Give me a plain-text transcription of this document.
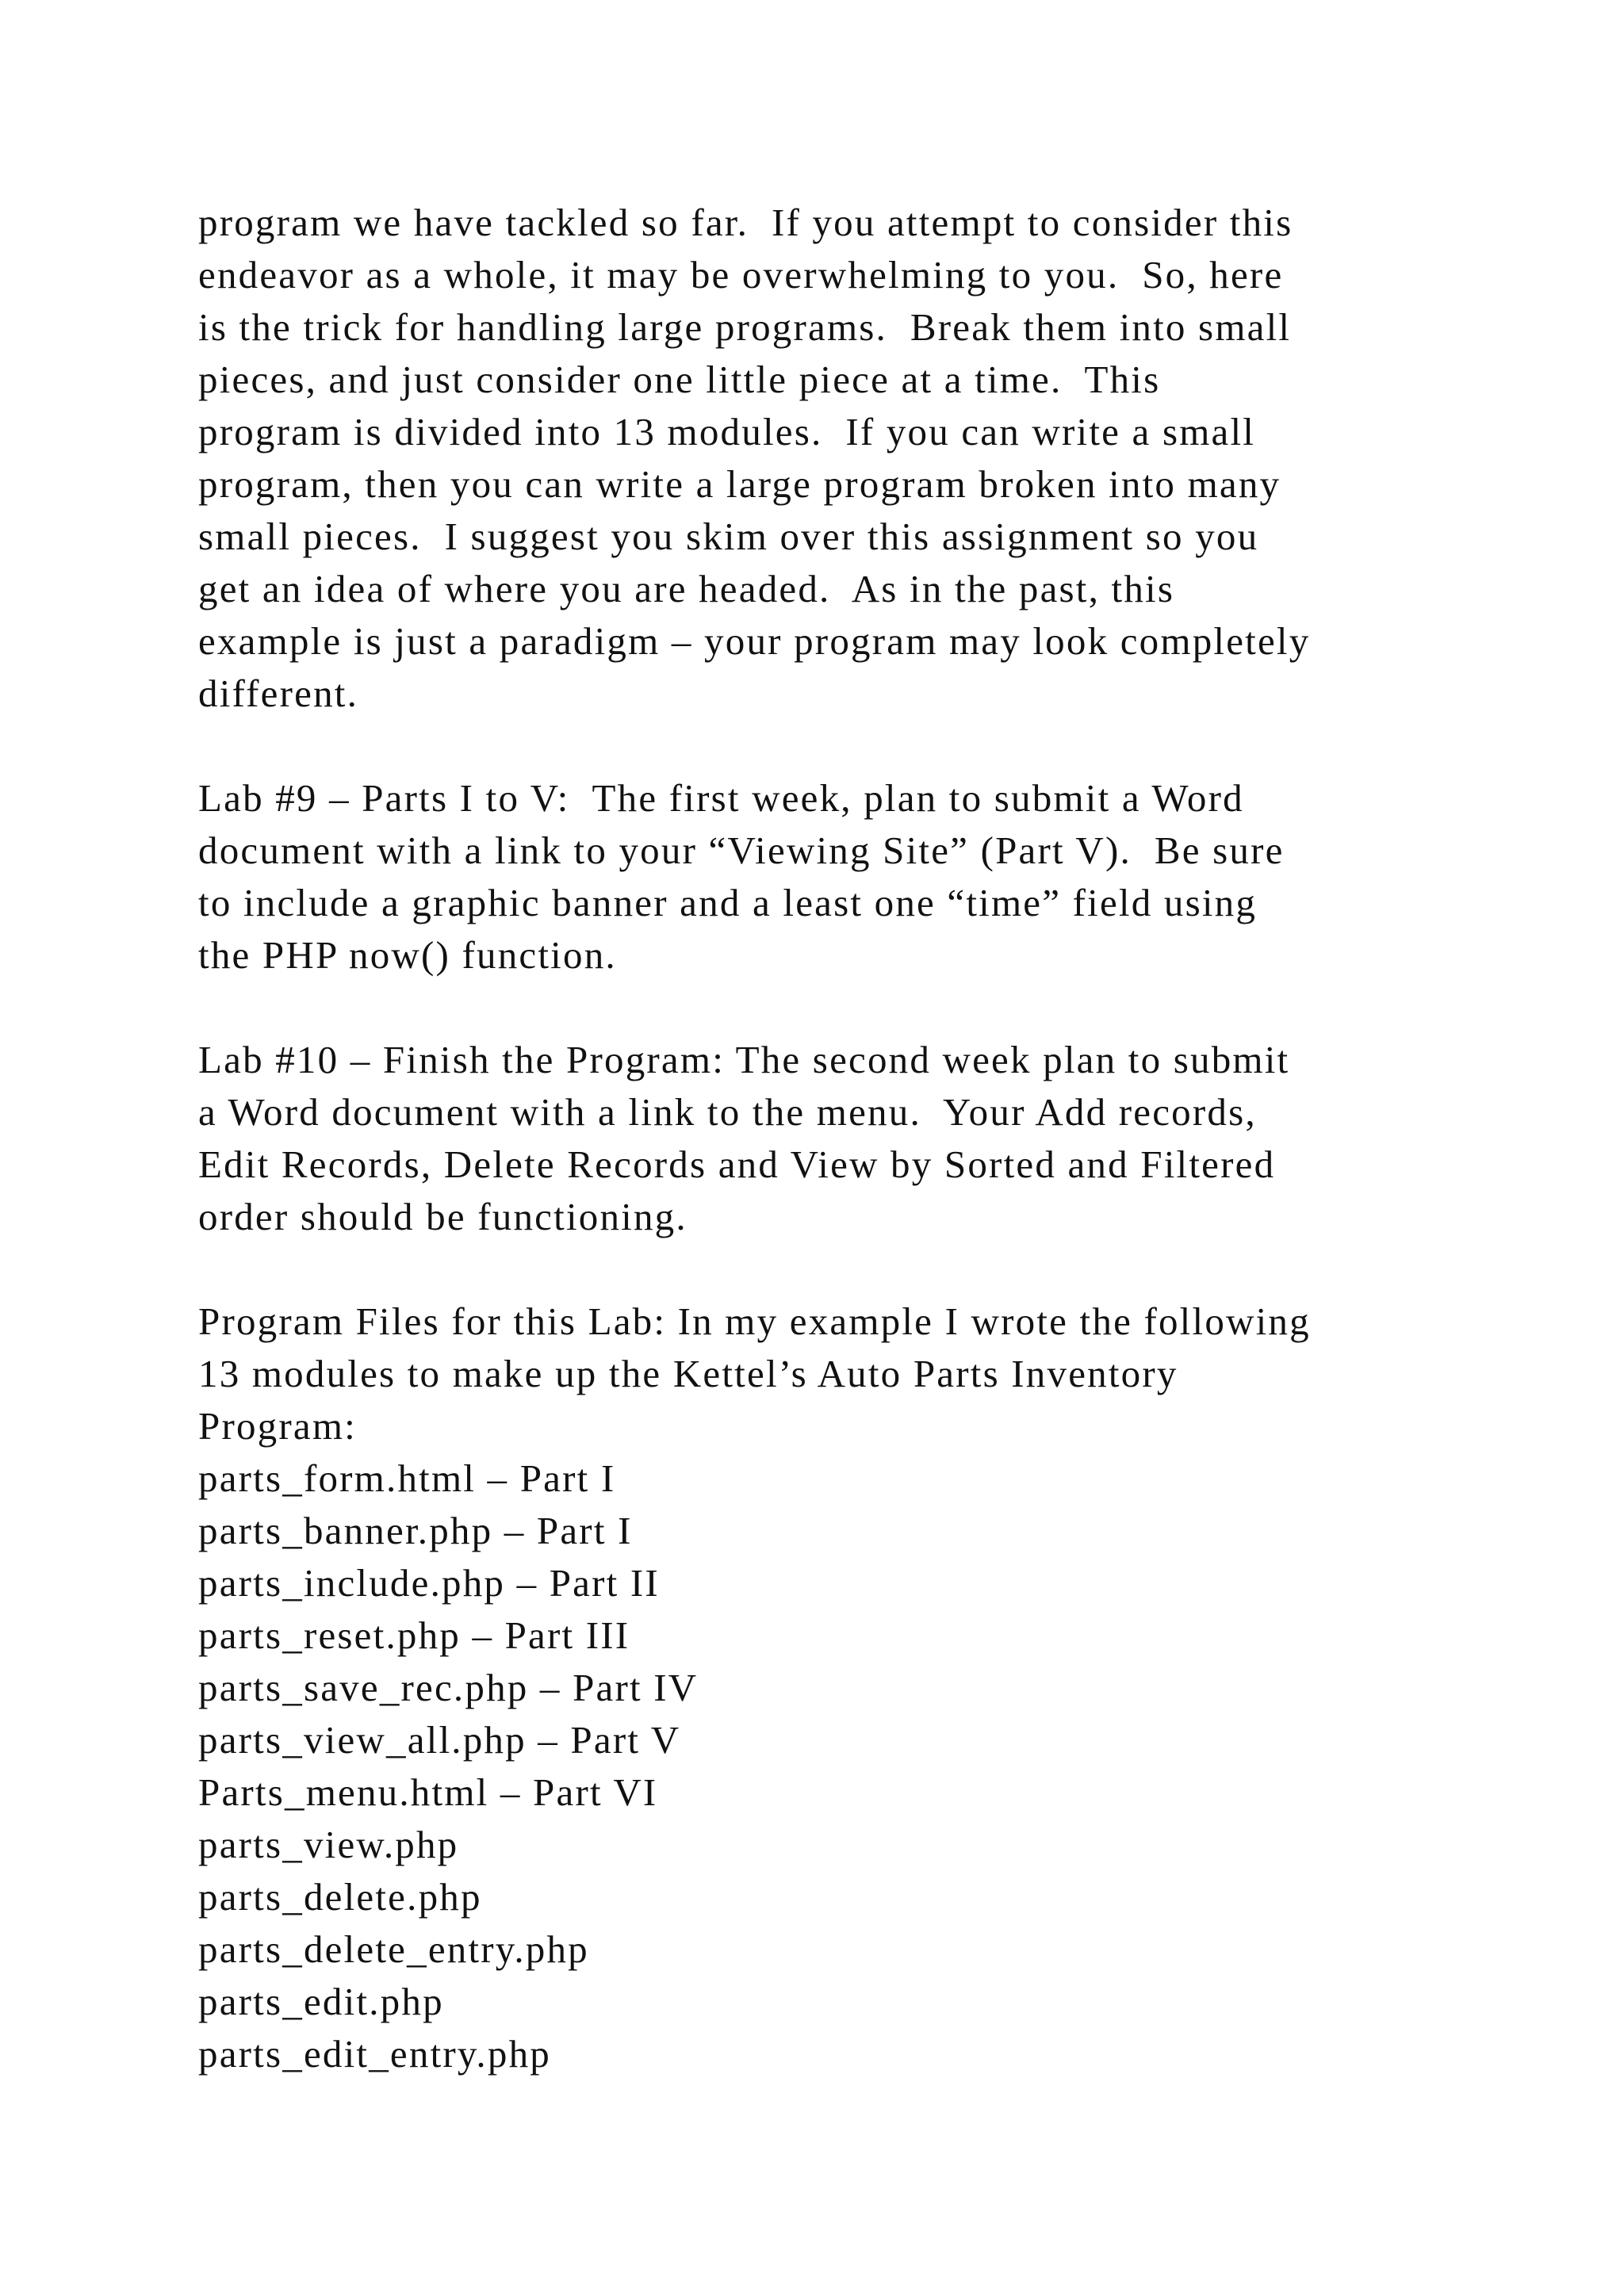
program we have tackled so far.  If you attempt to consider this
endeavor as a whole, it may be overwhelming to you.  So, here
is the trick for handling large programs.  Break them into small
pieces, and just consider one little piece at a time.  This
program is divided into 13 modules.  If you can write a small
program, then you can write a large program broken into many
small pieces.  I suggest you skim over this assignment so you
get an idea of where you are headed.  As in the past, this
example is just a paradigm – your program may look completely
different.

Lab #9 – Parts I to V:  The first week, plan to submit a Word
document with a link to your “Viewing Site” (Part V).  Be sure
to include a graphic banner and a least one “time” field using
the PHP now() function.

Lab #10 – Finish the Program: The second week plan to submit
a Word document with a link to the menu.  Your Add records,
Edit Records, Delete Records and View by Sorted and Filtered
order should be functioning.

Program Files for this Lab: In my example I wrote the following
13 modules to make up the Kettel’s Auto Parts Inventory
Program:
parts_form.html – Part I
parts_banner.php – Part I
parts_include.php – Part II
parts_reset.php – Part III
parts_save_rec.php – Part IV
parts_view_all.php – Part V
Parts_menu.html – Part VI
parts_view.php
parts_delete.php
parts_delete_entry.php
parts_edit.php
parts_edit_entry.php
